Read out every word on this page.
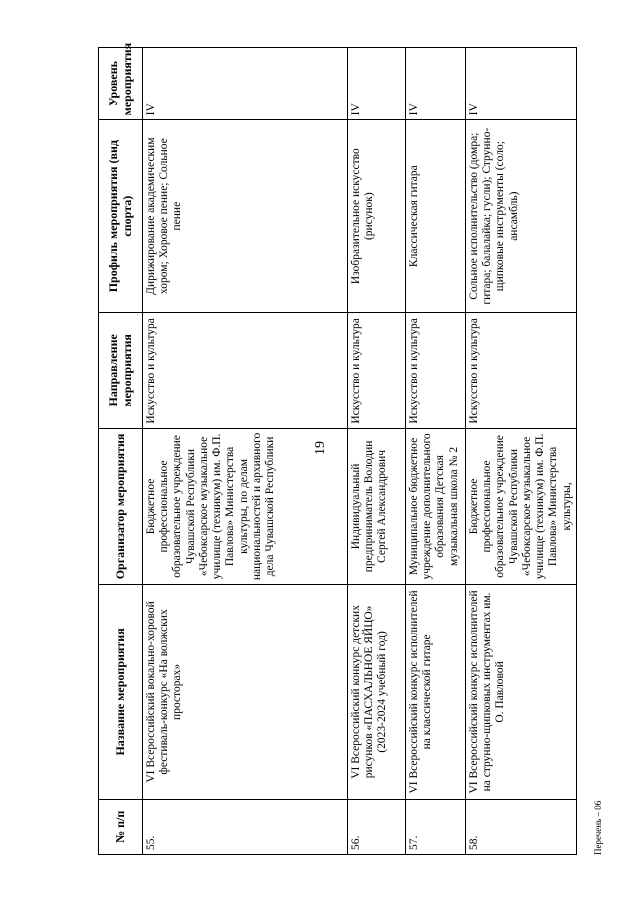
19
№ п/п	Название мероприятия	Организатор мероприятия	Направление мероприятия	Профиль мероприятия (вид спорта)	Уровень мероприятия
55.	VI Всероссийский вокально-хоровой фестиваль-конкурс «На волжских просторах»	Бюджетное профессиональное образовательное учреждение Чувашской Республики «Чебоксарское музыкальное училище (техникум) им. Ф.П. Павлова» Министерства культуры, по делам национальностей и архивного дела Чувашской Республики	Искусство и культура	Дирижирование академическим хором; Хоровое пение; Сольное пение	IV
56.	VI Всероссийский конкурс детских рисунков «ПАСХАЛЬНОЕ ЯЙЦО» (2023-2024 учебный год)	Индивидуальный предприниматель Володин Сергей Александрович	Искусство и культура	Изобразительное искусство (рисунок)	IV
57.	VI Всероссийский конкурс исполнителей на классической гитаре	Муниципальное бюджетное учреждение дополнительного образования Детская музыкальная школа № 2	Искусство и культура	Классическая гитара	IV
58.	VI Всероссийский конкурс исполнителей на струнно-щипковых инструментах им. О. Павловой	Бюджетное профессиональное образовательное учреждение Чувашской Республики «Чебоксарское музыкальное училище (техникум) им. Ф.П. Павлова» Министерства культуры,	Искусство и культура	Сольное исполнительство (домра; гитара; балалайка; гусли); Струнно-щипковые инструменты (соло; ансамбль)	IV
Перечень – 06
